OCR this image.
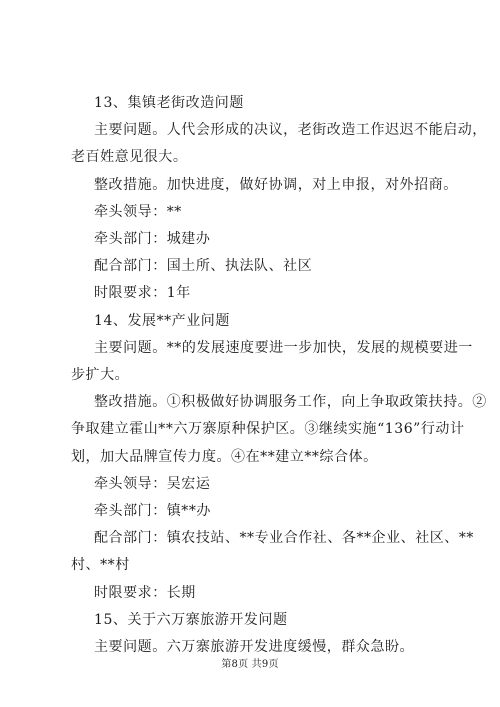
13、集镇老街改造问题
主要问题。人代会形成的决议，老街改造工作迟迟不能启动，
老百姓意见很大。
整改措施。加快进度，做好协调，对上申报，对外招商。
牵头领导：**
牵头部门：城建办
配合部门：国土所、执法队、社区
时限要求：1年
14、发展**产业问题
主要问题。**的发展速度要进一步加快，发展的规模要进一
步扩大。
整改措施。①积极做好协调服务工作，向上争取政策扶持。②
争取建立霍山**六万寨原种保护区。③继续实施“136”行动计
划，加大品牌宣传力度。④在**建立**综合体。
牵头领导：吴宏运
牵头部门：镇**办
配合部门：镇农技站、**专业合作社、各**企业、社区、**
村、**村
时限要求：长期
15、关于六万寨旅游开发问题
主要问题。六万寨旅游开发进度缓慢，群众急盼。
第8页 共9页
